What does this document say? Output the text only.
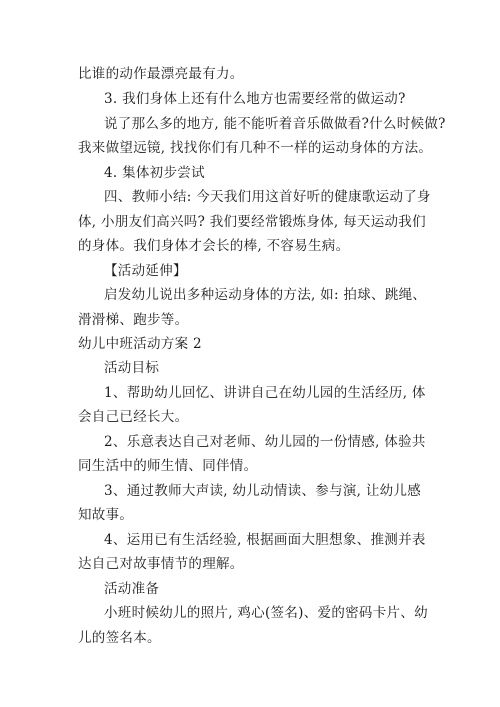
比谁的动作最漂亮最有力。
3. 我们身体上还有什么地方也需要经常的做运动?
说了那么多的地方, 能不能听着音乐做做看?什么时候做?
我来做望远镜, 找找你们有几种不一样的运动身体的方法。
4. 集体初步尝试
四、教师小结: 今天我们用这首好听的健康歌运动了身
体, 小朋友们高兴吗? 我们要经常锻炼身体, 每天运动我们
的身体。我们身体才会长的棒, 不容易生病。
【活动延伸】
启发幼儿说出多种运动身体的方法, 如: 拍球、跳绳、
滑滑梯、跑步等。
幼儿中班活动方案 2
活动目标
1、帮助幼儿回忆、讲讲自己在幼儿园的生活经历, 体
会自己已经长大。
2、乐意表达自己对老师、幼儿园的一份情感, 体验共
同生活中的师生情、同伴情。
3、通过教师大声读, 幼儿动情读、参与演, 让幼儿感
知故事。
4、运用已有生活经验, 根据画面大胆想象、推测并表
达自己对故事情节的理解。
活动准备
小班时候幼儿的照片, 鸡心(签名)、爱的密码卡片、幼
儿的签名本。
